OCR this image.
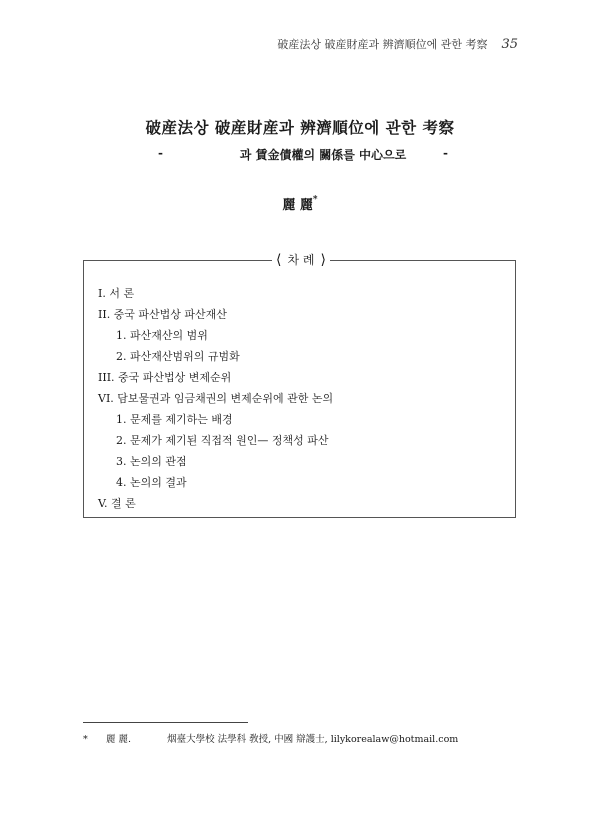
破産法상 破産財産과 辨濟順位에 관한 考察 35
破産法상 破産財産과 辨濟順位에 관한 考察
-	과 賃金債權의 關係를 中心으로	-
麗 麗*
⟨ 차 례 ⟩
I. 서 론
II. 중국 파산법상 파산재산
1. 파산재산의 범위
2. 파산재산범위의 규범화
III. 중국 파산법상 변제순위
VI. 담보물권과 임금채권의 변제순위에 관한 논의
1. 문제를 제기하는 배경
2. 문제가 제기된 직접적 원인— 정책성 파산
3. 논의의 관점
4. 논의의 결과
V. 결 론
* 麗 麗.	烟臺大學校 法學科 敎授, 中國 辯護士, lilykorealaw@hotmail.com
